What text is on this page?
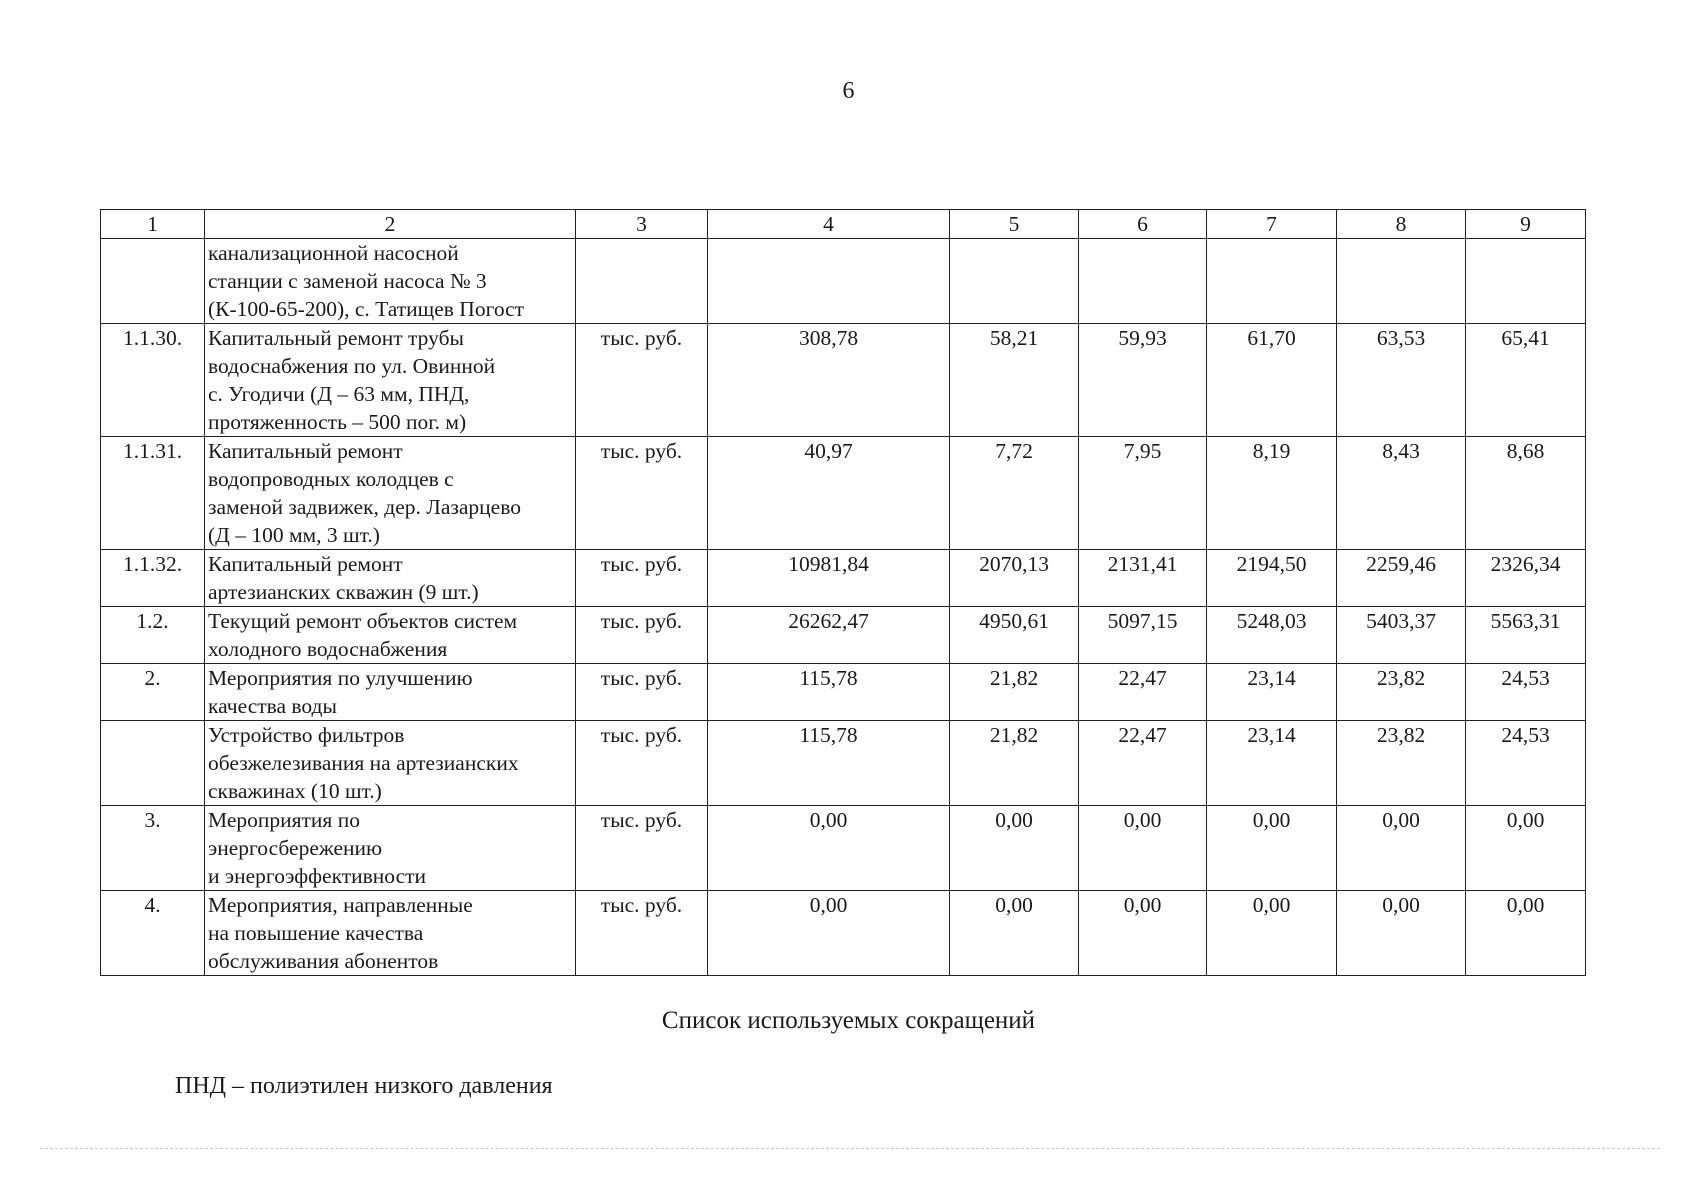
6
1	2	3	4	5	6	7	8	9

	канализационной насосной
станции с заменой насоса № 3
(К-100-65-200), с. Татищев Погост							

1.1.30.	Капитальный ремонт трубы
водоснабжения по ул. Овинной
с. Угодичи (Д – 63 мм, ПНД,
протяженность – 500 пог. м)	тыс. руб.	308,78	58,21	59,93	61,70	63,53	65,41
1.1.31.	Капитальный ремонт
водопроводных колодцев с
заменой задвижек, дер. Лазарцево
(Д – 100 мм, 3 шт.)	тыс. руб.	40,97	7,72	7,95	8,19	8,43	8,68
1.1.32.	Капитальный ремонт
артезианских скважин (9 шт.)	тыс. руб.	10981,84	2070,13	2131,41	2194,50	2259,46	2326,34
1.2.	Текущий ремонт объектов систем
холодного водоснабжения	тыс. руб.	26262,47	4950,61	5097,15	5248,03	5403,37	5563,31
2.	Мероприятия по улучшению
качества воды	тыс. руб.	115,78	21,82	22,47	23,14	23,82	24,53

	Устройство фильтров
обезжелезивания на артезианских
скважинах (10 шт.)	тыс. руб.	115,78	21,82	22,47	23,14	23,82	24,53
3.	Мероприятия по
энергосбережению
и энергоэффективности	тыс. руб.	0,00	0,00	0,00	0,00	0,00	0,00
4.	Мероприятия, направленные
на повышение качества
обслуживания абонентов	тыс. руб.	0,00	0,00	0,00	0,00	0,00	0,00
Список используемых сокращений
ПНД – полиэтилен низкого давления
